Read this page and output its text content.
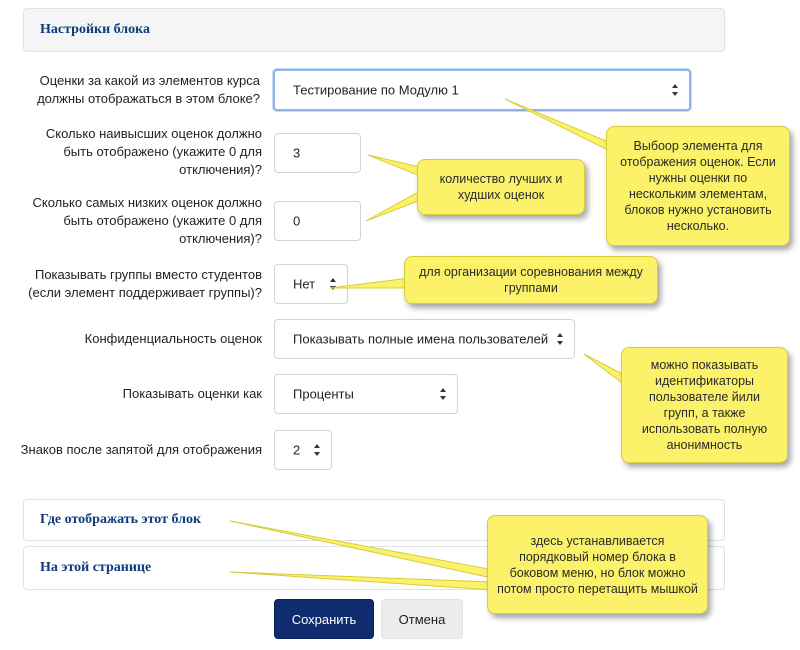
Настройки блока
Оценки за какой из элементов курса должны отображаться в этом блоке?
Тестирование по Модулю 1
Сколько наивысших оценок должно быть отображено (укажите 0 для отключения)?
3
Сколько самых низких оценок должно быть отображено (укажите 0 для отключения)?
0
Показывать группы вместо студентов (если элемент поддерживает группы)?
Нет
Конфиденциальность оценок Показывать полные имена пользователей
Показывать оценки как Проценты
Знаков после запятой для отображения 2
Где отображать этот блок
На этой странице
Сохранить	Отмена
Выбоор элемента для отображения оценок. Если нужны оценки по нескольким элементам, блоков нужно установить несколько.
количество лучших и худших оценок
для организации соревнования между группами
можно показывать идентификаторы пользователе йили групп, а также использовать полную анонимность
здесь устанавливается порядковый номер блока в боковом меню, но блок можно потом просто перетащить мышкой
